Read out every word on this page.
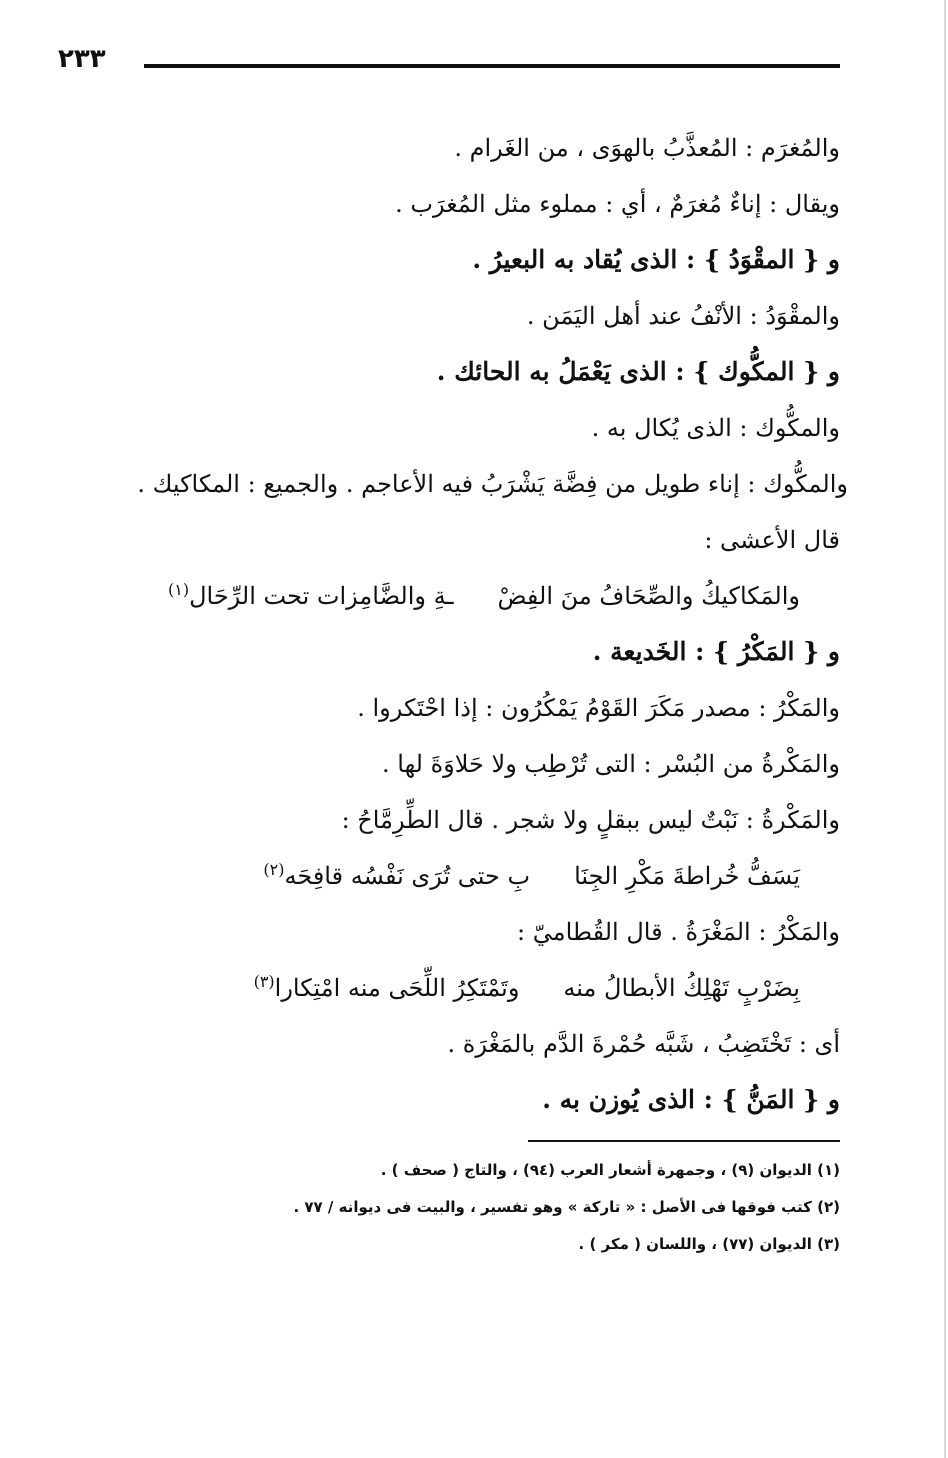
٢٣٣
والمُغرَم : المُعذَّبُ بالهوَى ، من الغَرام .
ويقال : إناءٌ مُغرَمٌ ، أي : مملوء مثل المُغرَب .
و { المقْوَدُ } : الذى يُقاد به البعيرُ .
والمقْوَدُ : الأنْفُ عند أهل اليَمَن .
و { المكُّوك } : الذى يَعْمَلُ به الحائك .
والمكُّوك : الذى يُكال به .
والمكُّوك : إناء طويل من فِضَّة يَشْرَبُ فيه الأعاجم . والجميع : المكاكيك .
قال الأعشى :
والمَكاكيكُ والصِّحَافُ منَ الفِضْ
ـةِ والضَّامِزات تحت الرِّحَال$^{(١)}$
و { المَكْرُ } : الخَديعة .
والمَكْرُ : مصدر مَكَرَ القَوْمُ يَمْكُرُون : إذا احْتَكروا .
والمَكْرةُ من البُسْر : التى تُرْطِب ولا حَلاوَةَ لها .
والمَكْرةُ : نَبْتٌ ليس ببقلٍ ولا شجر . قال الطِّرِمَّاحُ :
يَسَفُّ خُراطةَ مَكْرِ الجِنَا
بِ حتى تُرَى نَفْسُه قافِحَه$^{(٢)}$
والمَكْرُ : المَغْرَةُ . قال القُطاميّ :
بِضَرْبٍ تَهْلِكُ الأبطالُ منه
وتَمْتَكِرُ اللِّحَى منه امْتِكارا$^{(٣)}$
أى : تَخْتَضِبُ ، شَبَّه حُمْرةَ الدَّم بالمَغْرَة .
و { المَنُّ } : الذى يُوزن به .
(١) الديوان (٩) ، وجمهرة أشعار العرب (٩٤) ، والتاج ( صحف ) .
(٢) كتب فوقها فى الأصل : « تاركة » وهو تفسير ، والبيت فى ديوانه / ٧٧ .
(٣) الديوان (٧٧) ، واللسان ( مكر ) .
